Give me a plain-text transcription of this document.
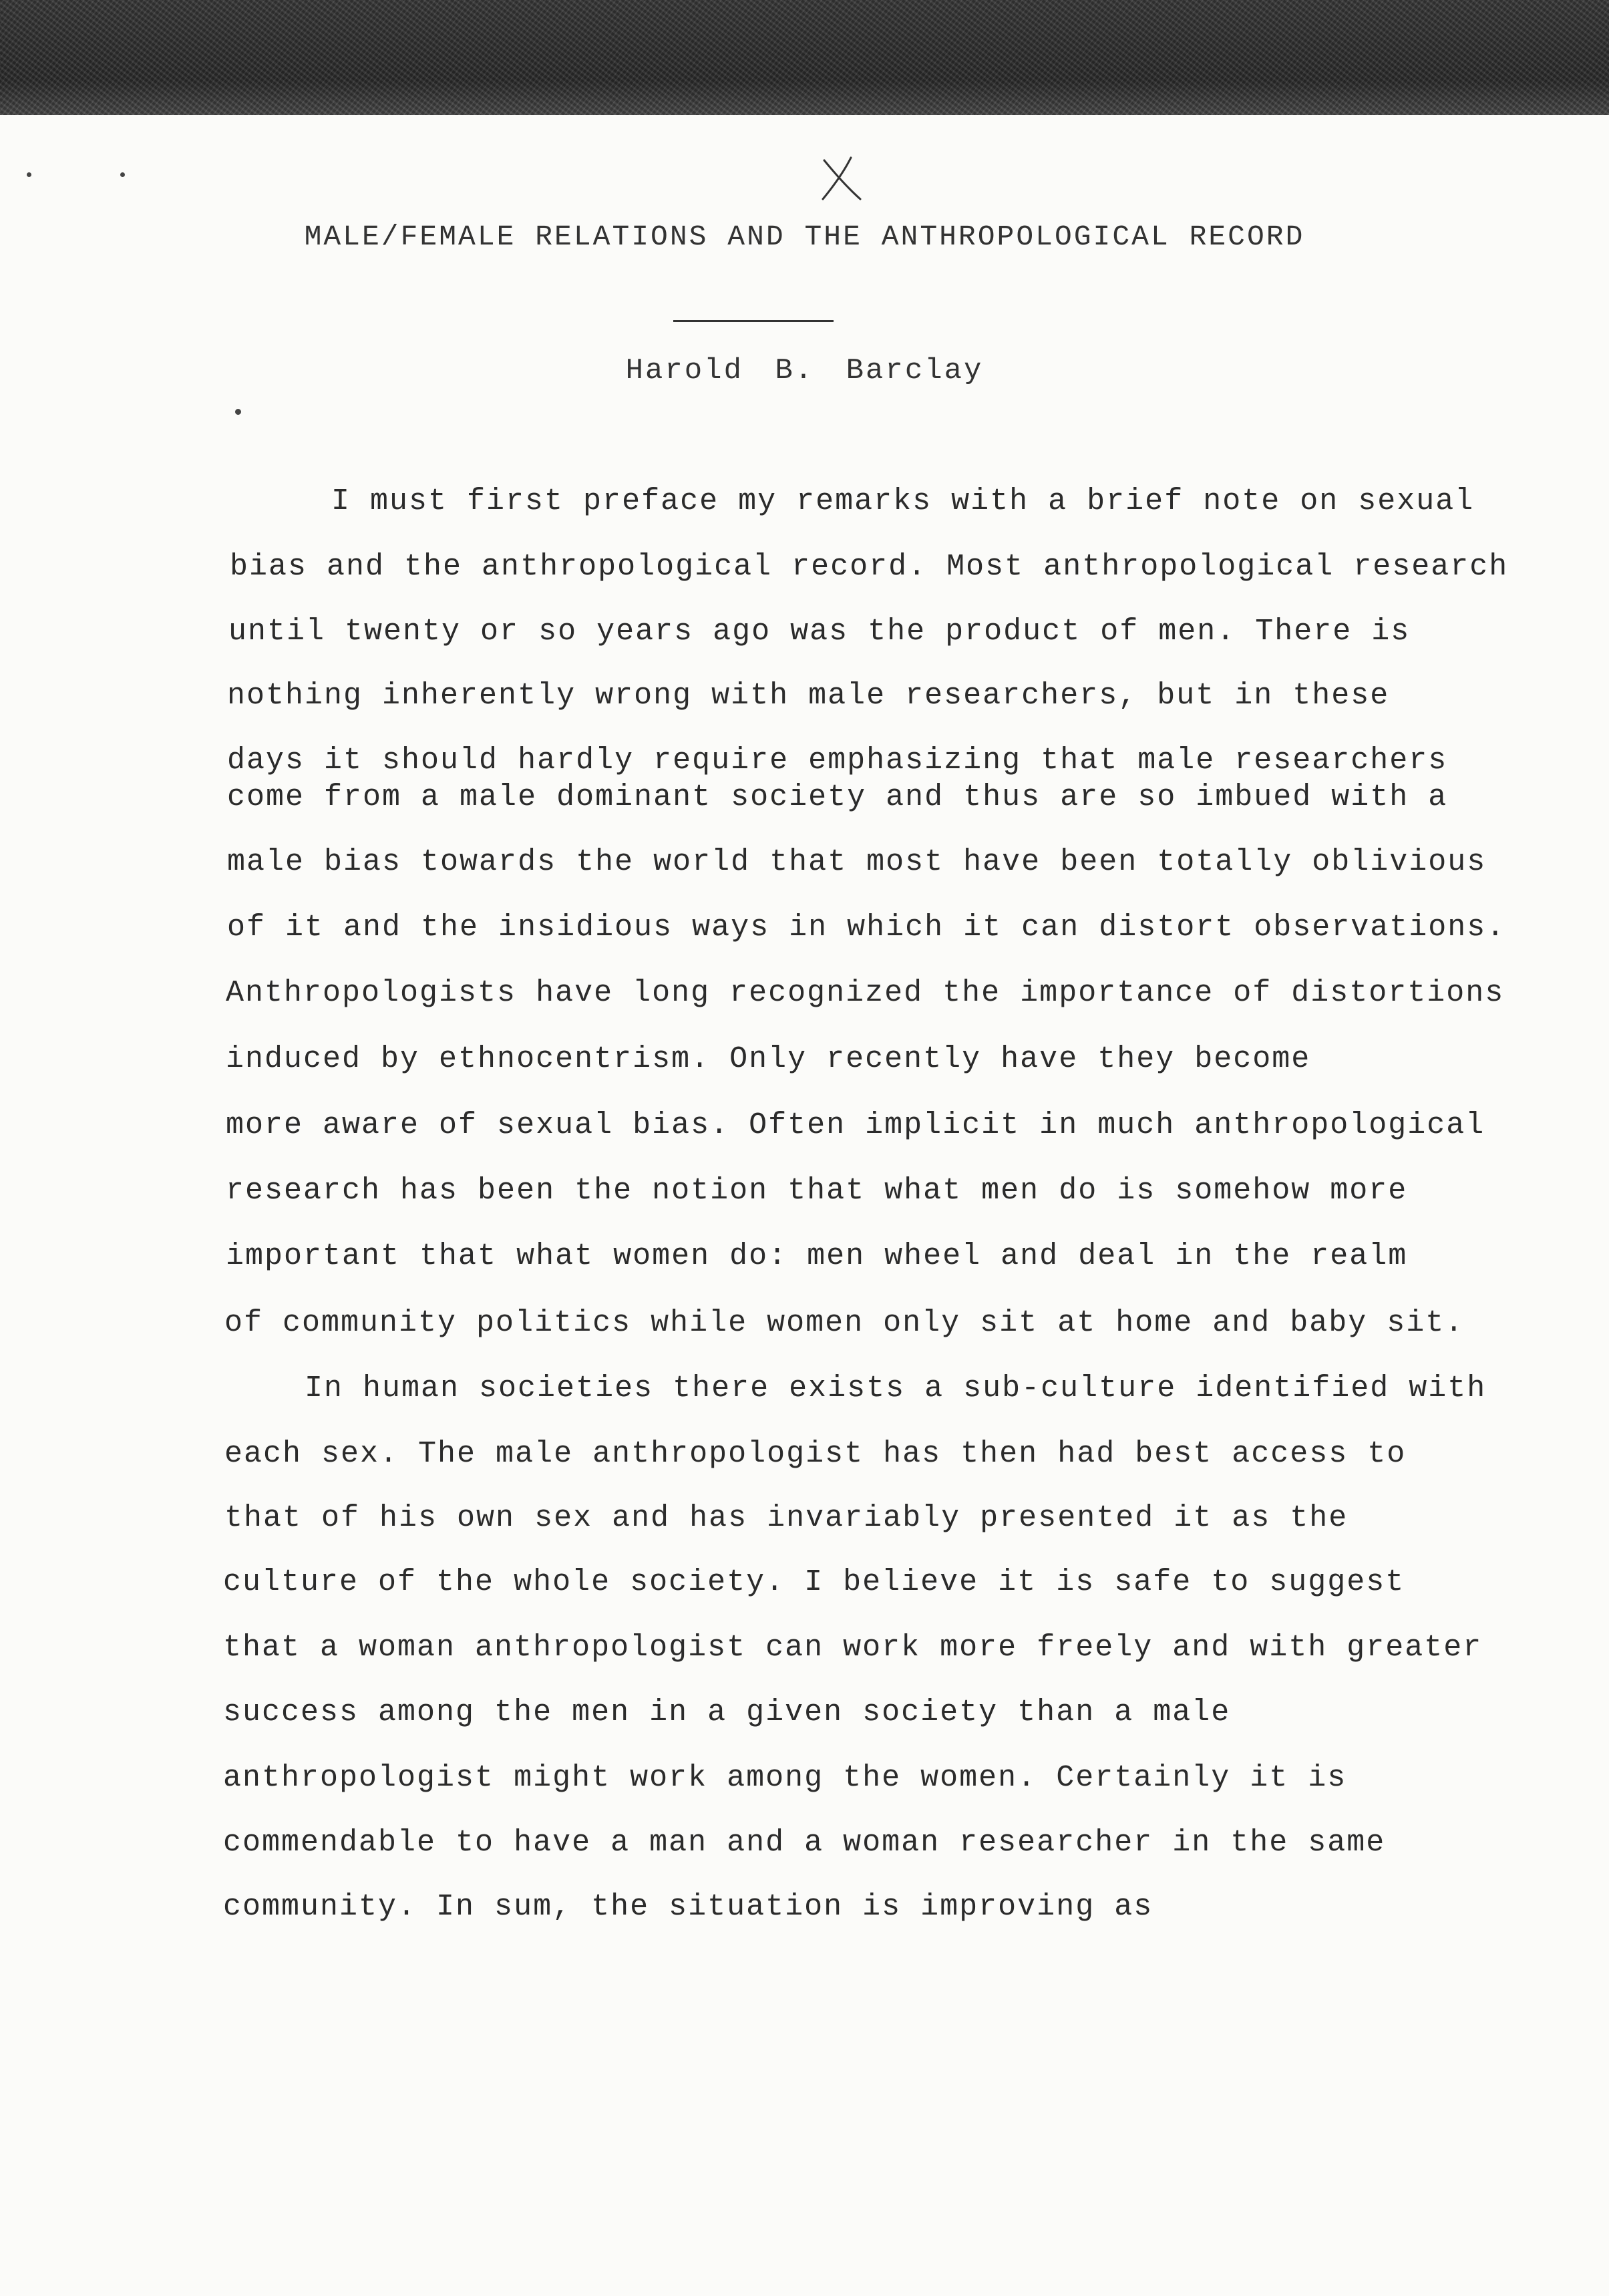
MALE/FEMALE RELATIONS AND THE ANTHROPOLOGICAL RECORD
Harold B. Barclay
I must first preface my remarks with a brief note on sexual
bias and the anthropological record. Most anthropological research
until twenty or so years ago was the product of men. There is
nothing inherently wrong with male researchers, but in these
days it should hardly require emphasizing that male researchers
come from a male dominant society and thus are so imbued with a
male bias towards the world that most have been totally oblivious
of it and the insidious ways in which it can distort observations.
Anthropologists have long recognized the importance of distortions
induced by ethnocentrism. Only recently have they become
more aware of sexual bias. Often implicit in much anthropological
research has been the notion that what men do is somehow more
important that what women do: men wheel and deal in the realm
of community politics while women only sit at home and baby sit.
In human societies there exists a sub-culture identified with
each sex. The male anthropologist has then had best access to
that of his own sex and has invariably presented it as the
culture of the whole society. I believe it is safe to suggest
that a woman anthropologist can work more freely and with greater
success among the men in a given society than a male
anthropologist might work among the women. Certainly it is
commendable to have a man and a woman researcher in the same
community. In sum, the situation is improving as
